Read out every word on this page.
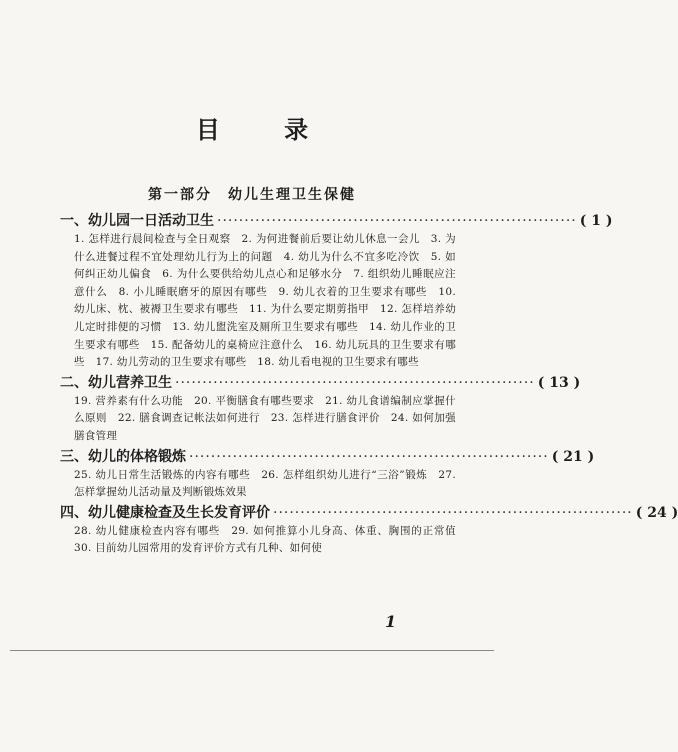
目 录
第一部分　幼儿生理卫生保健
一、幼儿园一日活动卫生 ·································································· ( 1 )
1. 怎样进行晨间检查与全日观察　2. 为何进餐前后要让幼儿休息一会儿　3. 为什么进餐过程不宜处理幼儿行为上的问题　4. 幼儿为什么不宜多吃冷饮　5. 如何纠正幼儿偏食　6. 为什么要供给幼儿点心和足够水分　7. 组织幼儿睡眠应注意什么　8. 小儿睡眠磨牙的原因有哪些　9. 幼儿衣着的卫生要求有哪些　10. 幼儿床、枕、被褥卫生要求有哪些　11. 为什么要定期剪指甲　12. 怎样培养幼儿定时排便的习惯　13. 幼儿盥洗室及厕所卫生要求有哪些　14. 幼儿作业的卫生要求有哪些　15. 配备幼儿的桌椅应注意什么　16. 幼儿玩具的卫生要求有哪些　17. 幼儿劳动的卫生要求有哪些　18. 幼儿看电视的卫生要求有哪些
二、幼儿营养卫生 ·································································· ( 13 )
19. 营养素有什么功能　20. 平衡膳食有哪些要求　21. 幼儿食谱编制应掌握什么原则　22. 膳食调查记帐法如何进行　23. 怎样进行膳食评价　24. 如何加强膳食管理
三、幼儿的体格锻炼 ·································································· ( 21 )
25. 幼儿日常生活锻炼的内容有哪些　26. 怎样组织幼儿进行“三浴”锻炼　27. 怎样掌握幼儿活动量及判断锻炼效果
四、幼儿健康检查及生长发育评价 ·································································· ( 24 )
28. 幼儿健康检查内容有哪些　29. 如何推算小儿身高、体重、胸围的正常值　30. 目前幼儿园常用的发育评价方式有几种、如何使
1
